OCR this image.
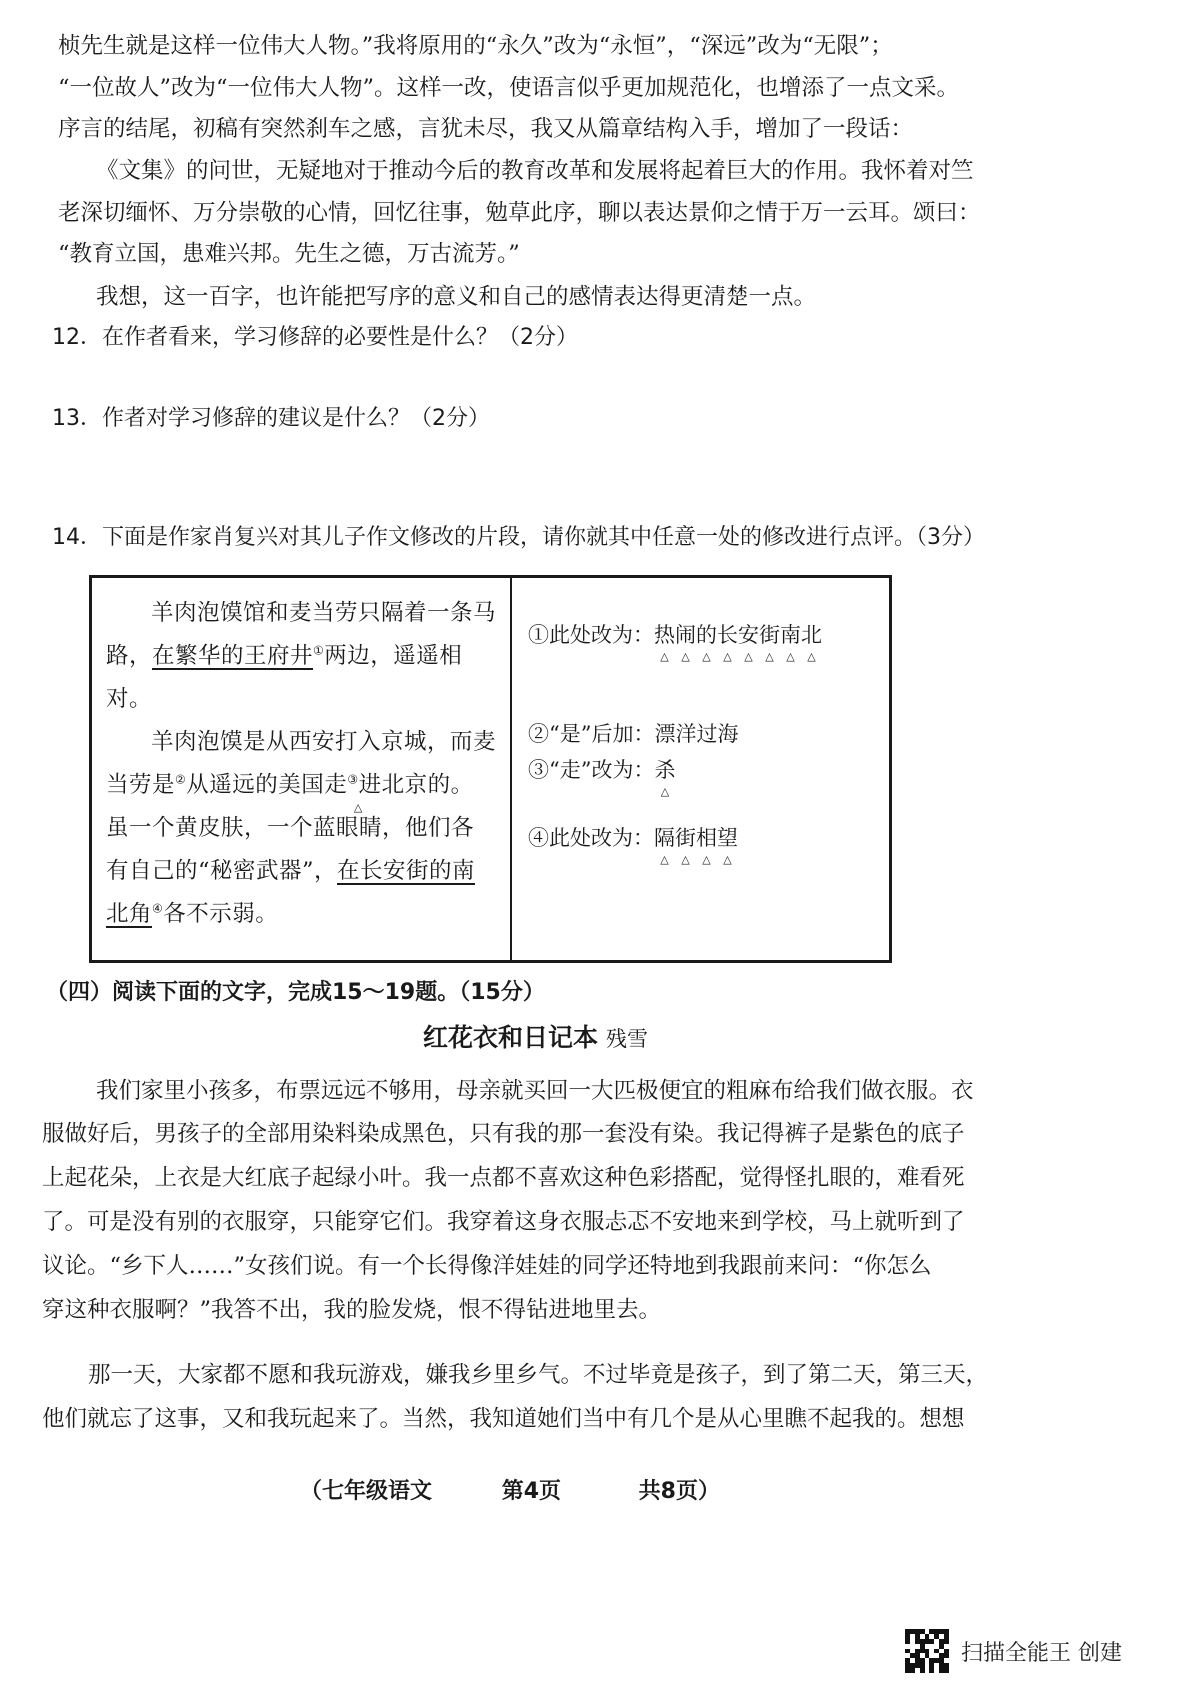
桢先生就是这样一位伟大人物。”我将原用的“永久”改为“永恒”，“深远”改为“无限”；
“一位故人”改为“一位伟大人物”。这样一改，使语言似乎更加规范化，也增添了一点文采。
序言的结尾，初稿有突然刹车之感，言犹未尽，我又从篇章结构入手，增加了一段话：
《文集》的问世，无疑地对于推动今后的教育改革和发展将起着巨大的作用。我怀着对竺
老深切缅怀、万分崇敬的心情，回忆往事，勉草此序，聊以表达景仰之情于万一云耳。颂曰：
“教育立国，患难兴邦。先生之德，万古流芳。”
我想，这一百字，也许能把写序的意义和自己的感情表达得更清楚一点。
12．在作者看来，学习修辞的必要性是什么？（2分）
13．作者对学习修辞的建议是什么？（2分）
14．下面是作家肖复兴对其儿子作文修改的片段，请你就其中任意一处的修改进行点评。（3分）

羊肉泡馍馆和麦当劳只隔着一条马路，在繁华的王府井①两边，遥遥相对。

羊肉泡馍是从西安打入京城，而麦当劳是②从遥远的美国走 △③进北京的。虽一个黄皮肤，一个蓝眼睛，他们各有自己的“秘密武器”，在长安街的南北角④各不示弱。

①此处改为：热 △闹 △的 △长 △安 △街 △南 △北 △
②“是”后加：漂洋过海
③“走”改为：杀 △
④此处改为：隔 △街 △相 △望 △
（四）阅读下面的文字，完成15～19题。（15分）
红花衣和日记本 残雪
我们家里小孩多，布票远远不够用，母亲就买回一大匹极便宜的粗麻布给我们做衣服。衣
服做好后，男孩子的全部用染料染成黑色，只有我的那一套没有染。我记得裤子是紫色的底子
上起花朵，上衣是大红底子起绿小叶。我一点都不喜欢这种色彩搭配，觉得怪扎眼的，难看死
了。可是没有别的衣服穿，只能穿它们。我穿着这身衣服忐忑不安地来到学校，马上就听到了
议论。“乡下人……”女孩们说。有一个长得像洋娃娃的同学还特地到我跟前来问：“你怎么
穿这种衣服啊？”我答不出，我的脸发烧，恨不得钻进地里去。
那一天，大家都不愿和我玩游戏，嫌我乡里乡气。不过毕竟是孩子，到了第二天，第三天，
他们就忘了这事，又和我玩起来了。当然，我知道她们当中有几个是从心里瞧不起我的。想想
（七年级语文	第4页	共8页）
扫描全能王 创建
